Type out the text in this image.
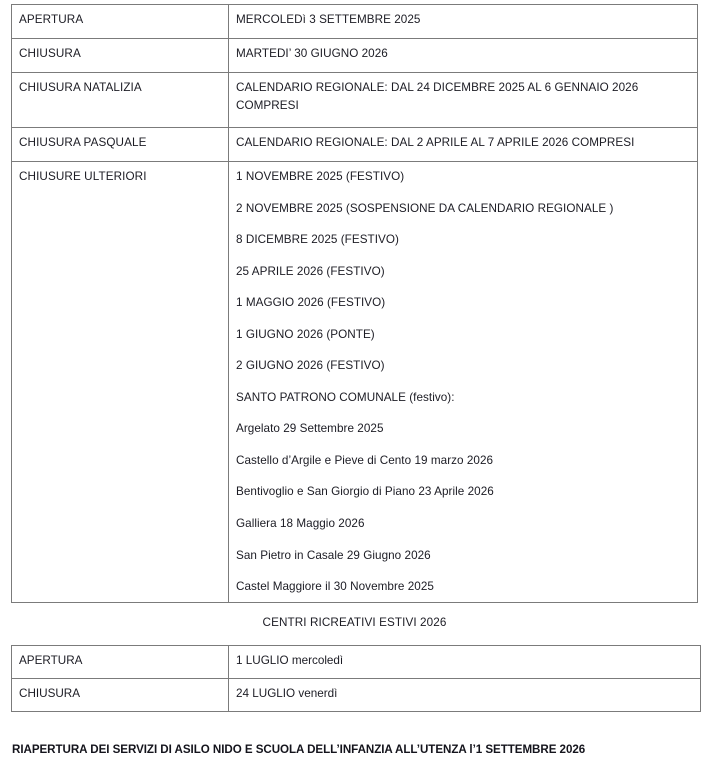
APERTURA	MERCOLEDì 3 SETTEMBRE 2025

CHIUSURA	MARTEDI’ 30 GIUGNO 2026

CHIUSURA NATALIZIA	CALENDARIO REGIONALE: DAL 24 DICEMBRE 2025 AL 6 GENNAIO 2026 COMPRESI

CHIUSURA PASQUALE	CALENDARIO REGIONALE: DAL 2 APRILE AL 7 APRILE 2026 COMPRESI

CHIUSURE ULTERIORI	1 NOVEMBRE 2025 (FESTIVO)

2 NOVEMBRE 2025 (SOSPENSIONE DA CALENDARIO REGIONALE )

8 DICEMBRE 2025 (FESTIVO)

25 APRILE 2026 (FESTIVO)

1 MAGGIO 2026 (FESTIVO)

1 GIUGNO 2026 (PONTE)

2 GIUGNO 2026 (FESTIVO)

SANTO PATRONO COMUNALE (festivo):

Argelato 29 Settembre 2025

Castello d’Argile e Pieve di Cento 19 marzo 2026

Bentivoglio e San Giorgio di Piano 23 Aprile 2026

Galliera 18 Maggio 2026

San Pietro in Casale 29 Giugno 2026

Castel Maggiore il 30 Novembre 2025

CENTRI RICREATIVI ESTIVI 2026
APERTURA	1 LUGLIO mercoledì
CHIUSURA	24 LUGLIO venerdì
RIAPERTURA DEI SERVIZI DI ASILO NIDO E SCUOLA DELL’INFANZIA ALL’UTENZA l’1 SETTEMBRE 2026
